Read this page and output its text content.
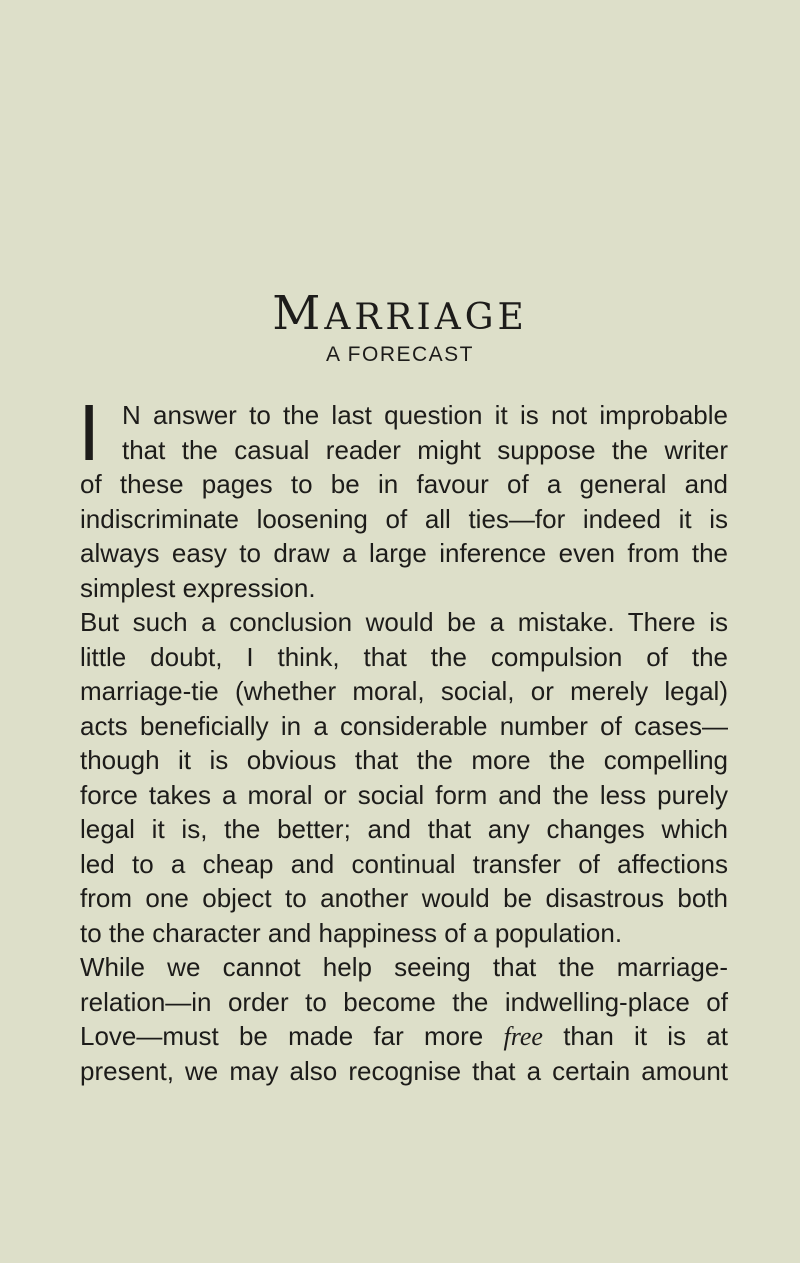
MARRIAGE

A FORECAST

I N answer to the last question it is not improbable
that the casual reader might suppose the writer
of these pages to be in favour of a general and
indiscriminate loosening of all ties—for indeed it is
always easy to draw a large inference even from the
simplest expression.
But such a conclusion would be a mistake. There is
little doubt, I think, that the compulsion of the
marriage-tie (whether moral, social, or merely legal)
acts beneficially in a considerable number of cases—
though it is obvious that the more the compelling
force takes a moral or social form and the less purely
legal it is, the better; and that any changes which
led to a cheap and continual transfer of affections
from one object to another would be disastrous both
to the character and happiness of a population.
While we cannot help seeing that the marriage-
relation—in order to become the indwelling-place of
Love—must be made far more free than it is at
present, we may also recognise that a certain amount
